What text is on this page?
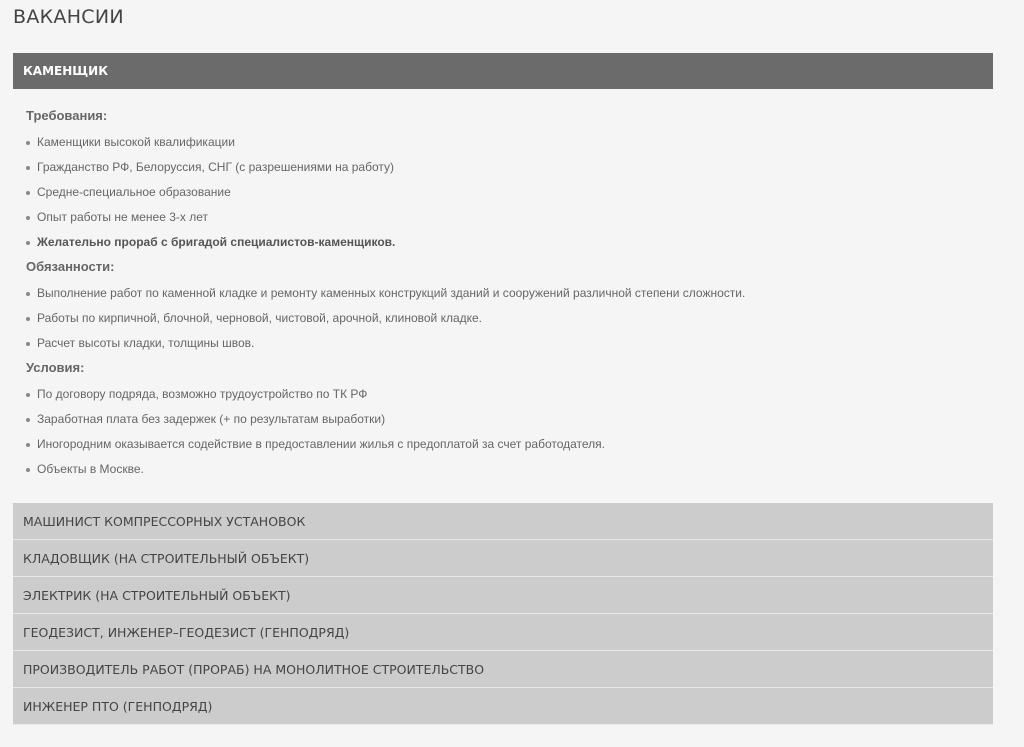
ВАКАНСИИ
КАМЕНЩИК
Требования:
Каменщики высокой квалификации
Гражданство РФ, Белоруссия, СНГ (с разрешениями на работу)
Средне-специальное образование
Опыт работы не менее 3-х лет
Желательно прораб с бригадой специалистов-каменщиков.
Обязанности:
Выполнение работ по каменной кладке и ремонту каменных конструкций зданий и сооружений различной степени сложности.
Работы по кирпичной, блочной, черновой, чистовой, арочной, клиновой кладке.
Расчет высоты кладки, толщины швов.
Условия:
По договору подряда, возможно трудоустройство по ТК РФ
Заработная плата без задержек (+ по результатам выработки)
Иногородним оказывается содействие в предоставлении жилья с предоплатой за счет работодателя.
Объекты в Москве.
МАШИНИСТ КОМПРЕССОРНЫХ УСТАНОВОК
КЛАДОВЩИК (НА СТРОИТЕЛЬНЫЙ ОБЪЕКТ)
ЭЛЕКТРИК (НА СТРОИТЕЛЬНЫЙ ОБЪЕКТ)
ГЕОДЕЗИСТ, ИНЖЕНЕР–ГЕОДЕЗИСТ (ГЕНПОДРЯД)
ПРОИЗВОДИТЕЛЬ РАБОТ (ПРОРАБ) НА МОНОЛИТНОЕ СТРОИТЕЛЬСТВО
ИНЖЕНЕР ПТО (ГЕНПОДРЯД)
